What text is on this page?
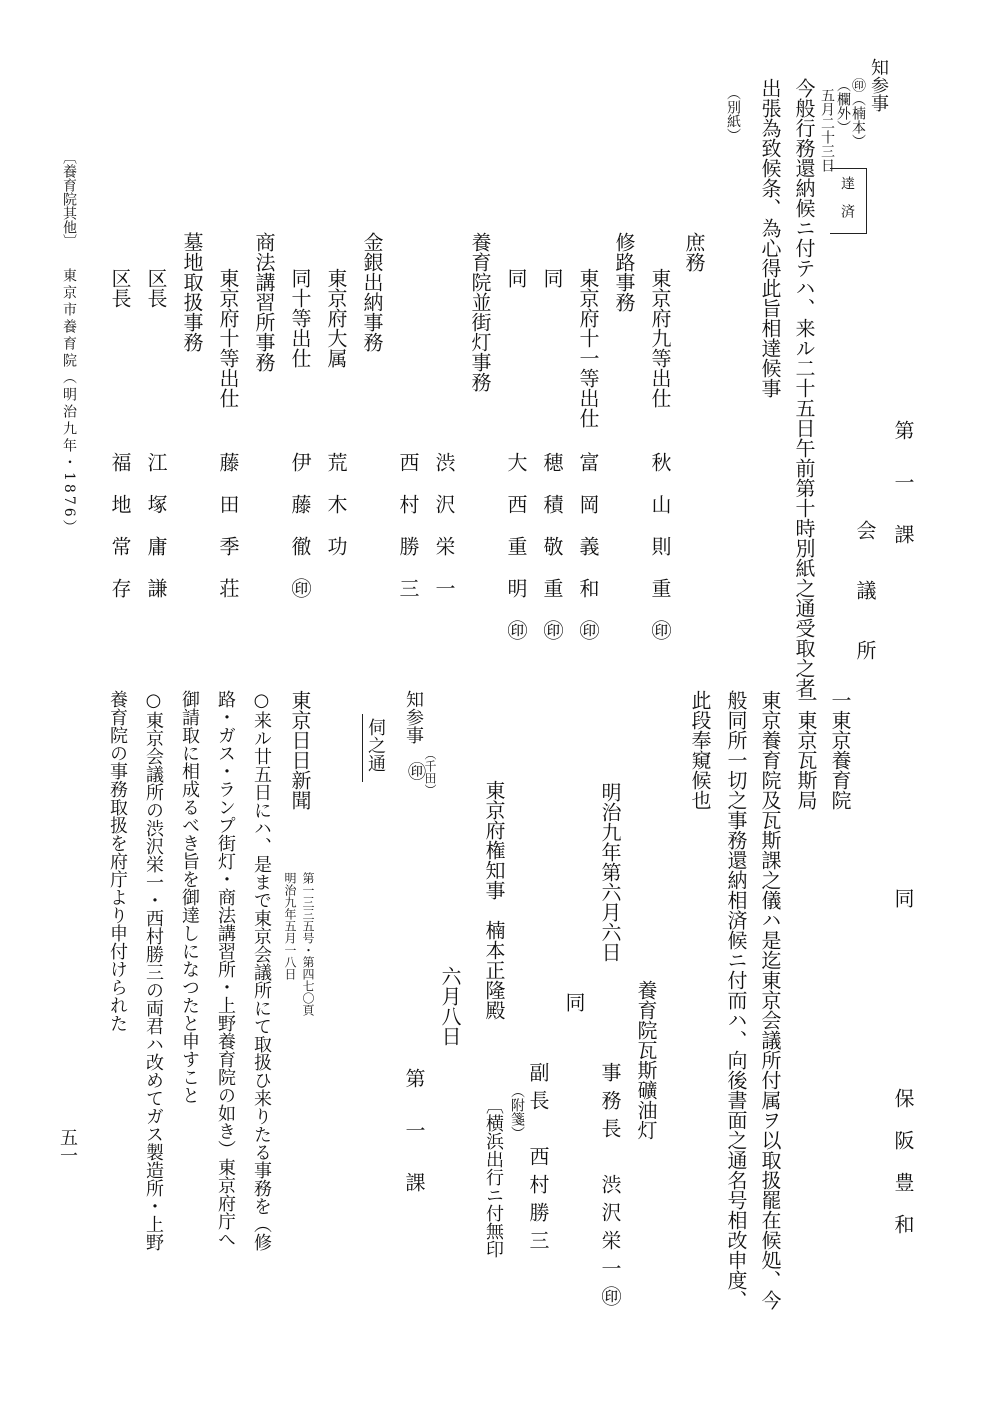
知参事
㊞（楠本）
（欄外）
五月二十三日
達　済
第　一　課
会　議　所
同
保阪豊和
今般行務還納候ニ付テハ、来ル二十五日午前第十時別紙之通受取之者
出張為致候条、為心得此旨相達候事
（別紙）
庶務
東京府九等出仕
秋山則重㊞
修路事務
東京府十一等出仕
富岡義和㊞
同
穂積敬重㊞
同
大西重明㊞
養育院並街灯事務
渋沢栄一
西村勝三
金銀出納事務
東京府大属
荒木功
同十等出仕
伊藤徹㊞
商法講習所事務
東京府十等出仕
藤田季荘
墓地取扱事務
区長
江塚庸謙
区長
福地常存
一東京養育院
一東京瓦斯局
東京養育院及瓦斯課之儀ハ是迄東京会議所付属ヲ以取扱罷在候処、今
般同所一切之事務還納相済候ニ付而ハ、向後書面之通名号相改申度、
此段奉窺候也
養育院瓦斯礦油灯
事務長　渋沢栄一㊞
明治九年第六月六日
同
副長　西村勝三
（附箋）
〔横浜出行ニ付無印
東京府権知事　楠本正隆殿
六月八日
第　一　課
知参事
（千田）
㊞
伺之通
東京日日新聞
第一三三五号・第四七〇頁
明治九年五月一八日
○来ル廿五日にハ、是まで東京会議所にて取扱ひ来りたる事務を（修
路・ガス・ランプ街灯・商法講習所・上野養育院の如き）東京府庁へ
御請取に相成るべき旨を御達しになつたと申すこと
○東京会議所の渋沢栄一・西村勝三の両君ハ改めてガス製造所・上野
養育院の事務取扱を府庁より申付けられた
〔養育院其他〕
東京市養育院（明治九年・1876）
五一
